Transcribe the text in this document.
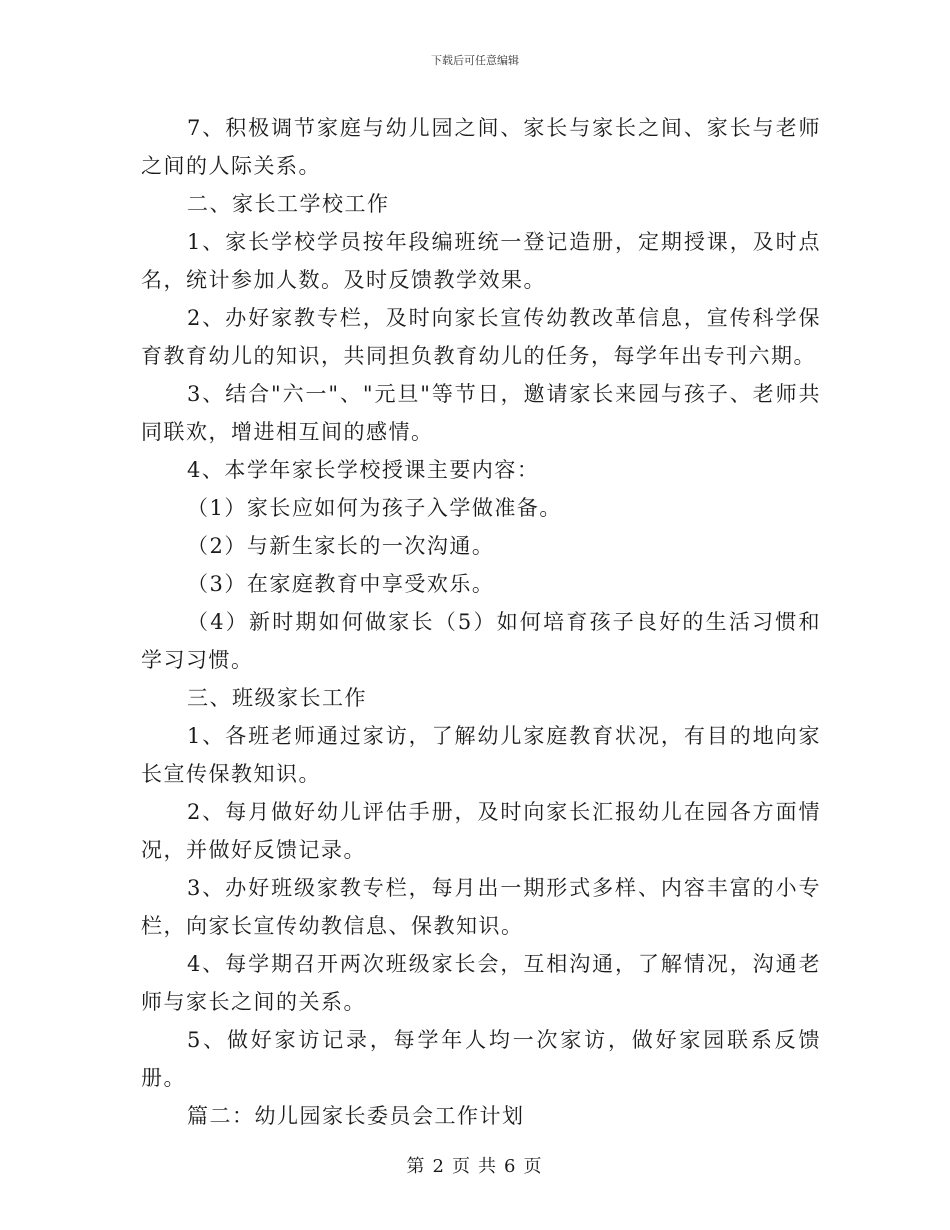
下载后可任意编辑

7、积极调节家庭与幼儿园之间、家长与家长之间、家长与老师之间的人际关系。

二、家长工学校工作

1、家长学校学员按年段编班统一登记造册，定期授课，及时点名，统计参加人数。及时反馈教学效果。

2、办好家教专栏，及时向家长宣传幼教改革信息，宣传科学保育教育幼儿的知识，共同担负教育幼儿的任务，每学年出专刊六期。

3、结合"六一"、"元旦"等节日，邀请家长来园与孩子、老师共同联欢，增进相互间的感情。

4、本学年家长学校授课主要内容：

（1）家长应如何为孩子入学做准备。

（2）与新生家长的一次沟通。

（3）在家庭教育中享受欢乐。

（4）新时期如何做家长（5）如何培育孩子良好的生活习惯和学习习惯。

三、班级家长工作

1、各班老师通过家访，了解幼儿家庭教育状况，有目的地向家长宣传保教知识。

2、每月做好幼儿评估手册，及时向家长汇报幼儿在园各方面情况，并做好反馈记录。

3、办好班级家教专栏，每月出一期形式多样、内容丰富的小专栏，向家长宣传幼教信息、保教知识。

4、每学期召开两次班级家长会，互相沟通，了解情况，沟通老师与家长之间的关系。

5、做好家访记录，每学年人均一次家访，做好家园联系反馈册。

篇二：幼儿园家长委员会工作计划

第 2 页 共 6 页
